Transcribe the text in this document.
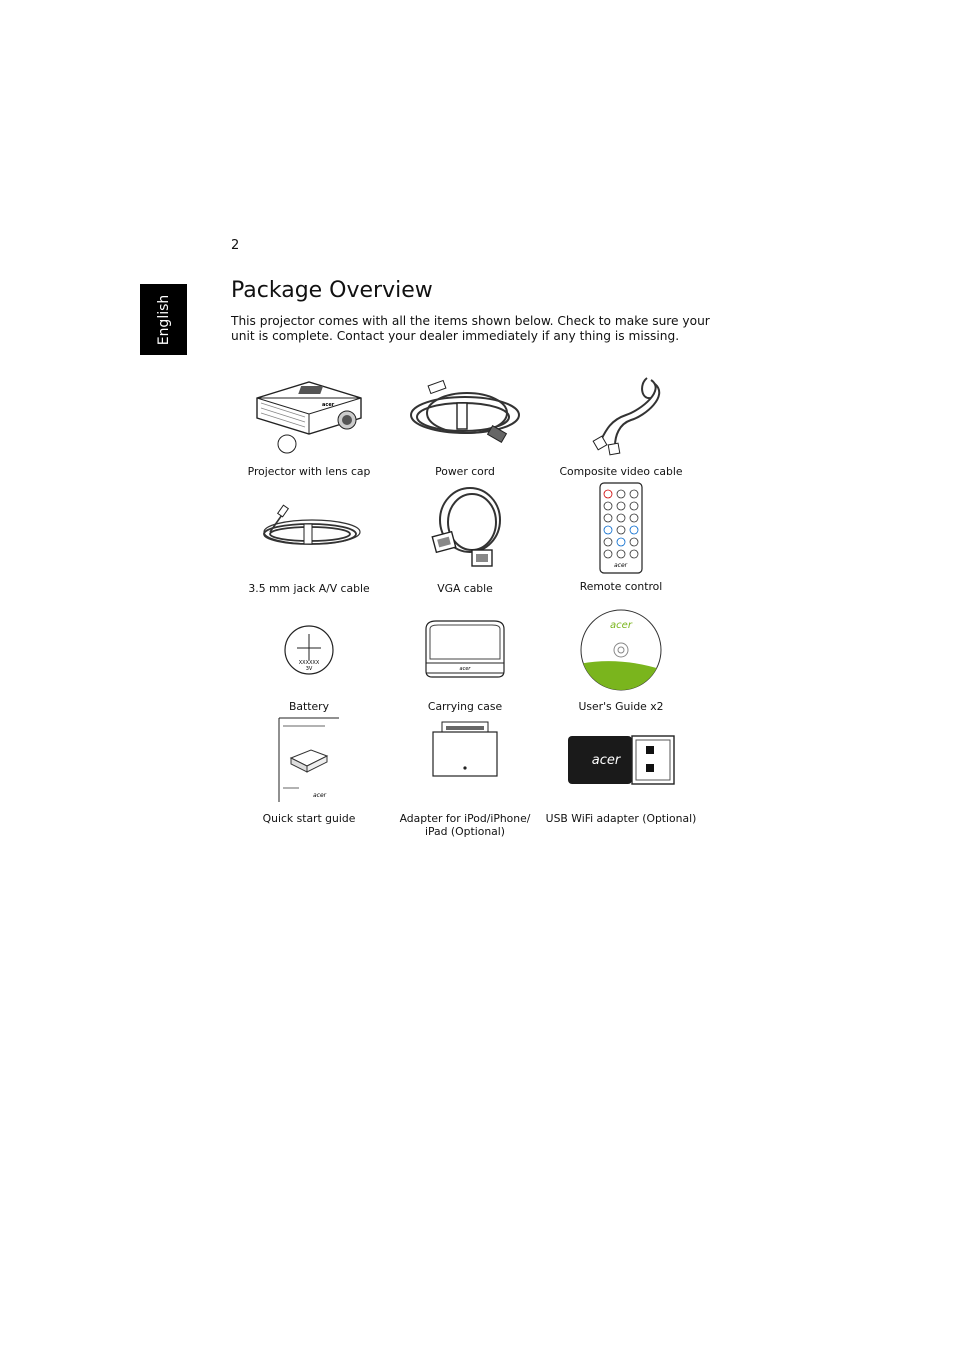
2
English
Package Overview

This projector comes with all the items shown below. Check to make sure your unit is complete. Contact your dealer immediately if any thing is missing.

acer
Projector with lens cap	Power cord	Composite video cable
3.5 mm jack A/V cable	VGA cable
acer
Remote control
XXXXXX
3V
Battery
acer
Carrying case
acer
User's Guide x2
acer
Quick start guide	Adapter for iPod/iPhone/
iPad (Optional)
acer
USB WiFi adapter (Optional)
